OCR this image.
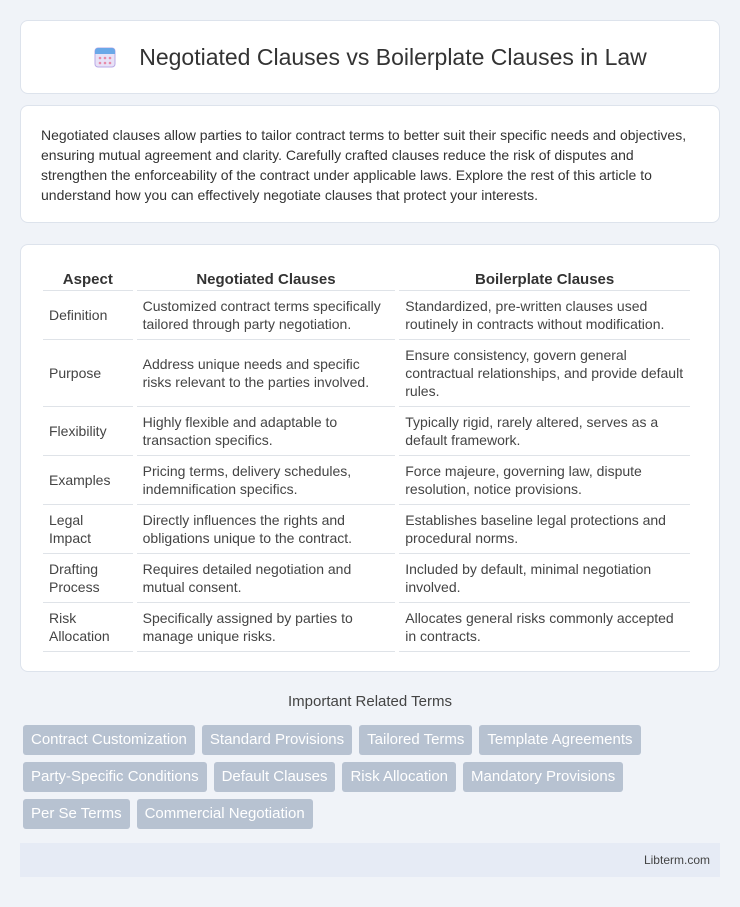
Negotiated Clauses vs Boilerplate Clauses in Law

Negotiated clauses allow parties to tailor contract terms to better suit their specific needs and objectives, ensuring mutual agreement and clarity. Carefully crafted clauses reduce the risk of disputes and strengthen the enforceability of the contract under applicable laws. Explore the rest of this article to understand how you can effectively negotiate clauses that protect your interests.

Aspect	Negotiated Clauses	Boilerplate Clauses
Definition	Customized contract terms specifically tailored through party negotiation.	Standardized, pre-written clauses used routinely in contracts without modification.
Purpose	Address unique needs and specific risks relevant to the parties involved.	Ensure consistency, govern general contractual relationships, and provide default rules.
Flexibility	Highly flexible and adaptable to transaction specifics.	Typically rigid, rarely altered, serves as a default framework.
Examples	Pricing terms, delivery schedules, indemnification specifics.	Force majeure, governing law, dispute resolution, notice provisions.
Legal Impact	Directly influences the rights and obligations unique to the contract.	Establishes baseline legal protections and procedural norms.
Drafting Process	Requires detailed negotiation and mutual consent.	Included by default, minimal negotiation involved.
Risk Allocation	Specifically assigned by parties to manage unique risks.	Allocates general risks commonly accepted in contracts.
Important Related Terms
Contract Customization	Standard Provisions	Tailored Terms	Template Agreements
Party-Specific Conditions	Default Clauses	Risk Allocation	Mandatory Provisions
Per Se Terms	Commercial Negotiation
Libterm.com
